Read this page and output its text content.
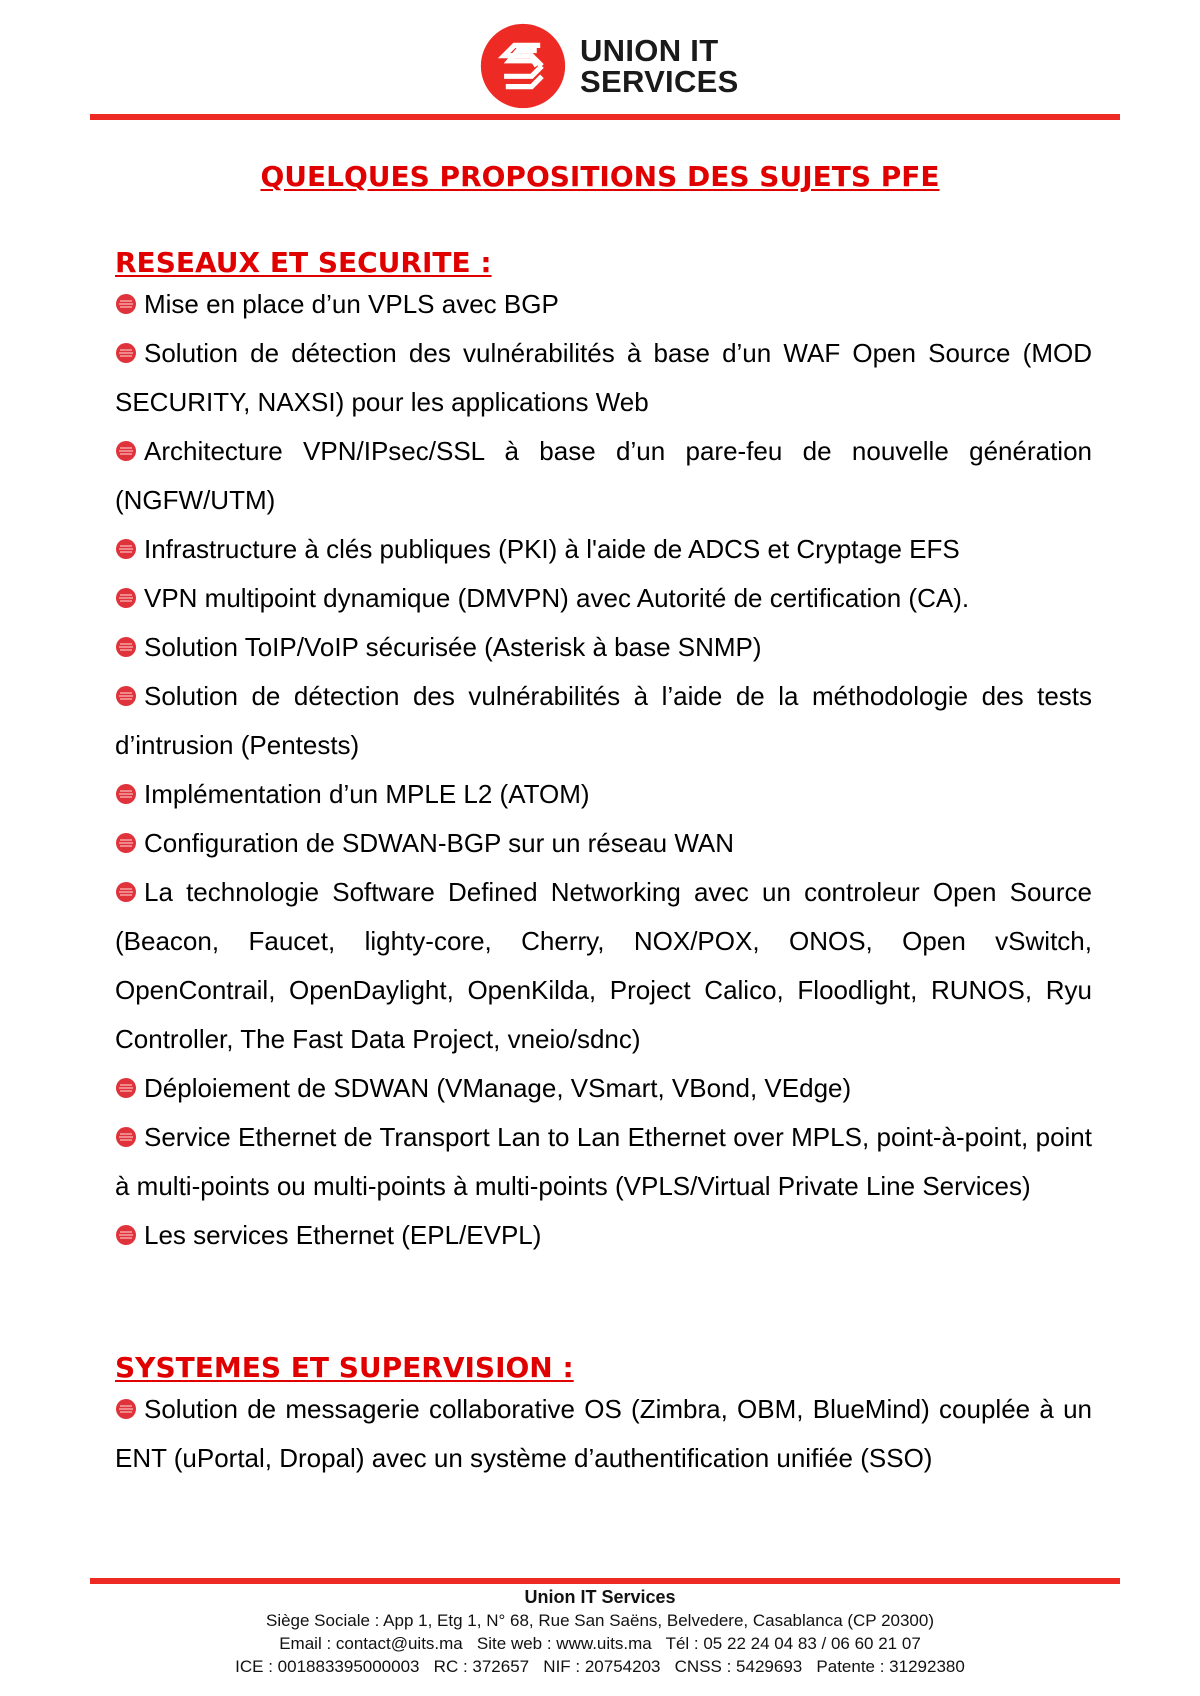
UNION IT
SERVICES
QUELQUES PROPOSITIONS DES SUJETS PFE
RESEAUX ET SECURITE :
Mise en place d’un VPLS avec BGP
Solution de détection des vulnérabilités à base d’un WAF Open Source (MOD SECURITY, NAXSI) pour les applications Web
Architecture VPN/IPsec/SSL à base d’un pare-feu de nouvelle génération (NGFW/UTM)
Infrastructure à clés publiques (PKI) à l'aide de ADCS et Cryptage EFS
VPN multipoint dynamique (DMVPN) avec Autorité de certification (CA).
Solution ToIP/VoIP sécurisée (Asterisk à base SNMP)
Solution de détection des vulnérabilités à l’aide de la méthodologie des tests d’intrusion (Pentests)
Implémentation d’un MPLE L2 (ATOM)
Configuration de SDWAN-BGP sur un réseau WAN
La technologie Software Defined Networking avec un controleur Open Source (Beacon, Faucet, lighty-core, Cherry, NOX/POX, ONOS, Open vSwitch, OpenContrail, OpenDaylight, OpenKilda, Project Calico, Floodlight, RUNOS, Ryu Controller, The Fast Data Project, vneio/sdnc)
Déploiement de SDWAN (VManage, VSmart, VBond, VEdge)
Service Ethernet de Transport Lan to Lan Ethernet over MPLS, point-à-point, point à multi-points ou multi-points à multi-points (VPLS/Virtual Private Line Services)
Les services Ethernet (EPL/EVPL)
SYSTEMES ET SUPERVISION :
Solution de messagerie collaborative OS (Zimbra, OBM, BlueMind) couplée à un ENT (uPortal, Dropal) avec un système d’authentification unifiée (SSO)
Union IT Services
Siège Sociale : App 1, Etg 1, N° 68, Rue San Saëns, Belvedere, Casablanca (CP 20300)
Email : contact@uits.ma   Site web : www.uits.ma   Tél : 05 22 24 04 83 / 06 60 21 07
ICE : 001883395000003   RC : 372657   NIF : 20754203   CNSS : 5429693   Patente : 31292380
